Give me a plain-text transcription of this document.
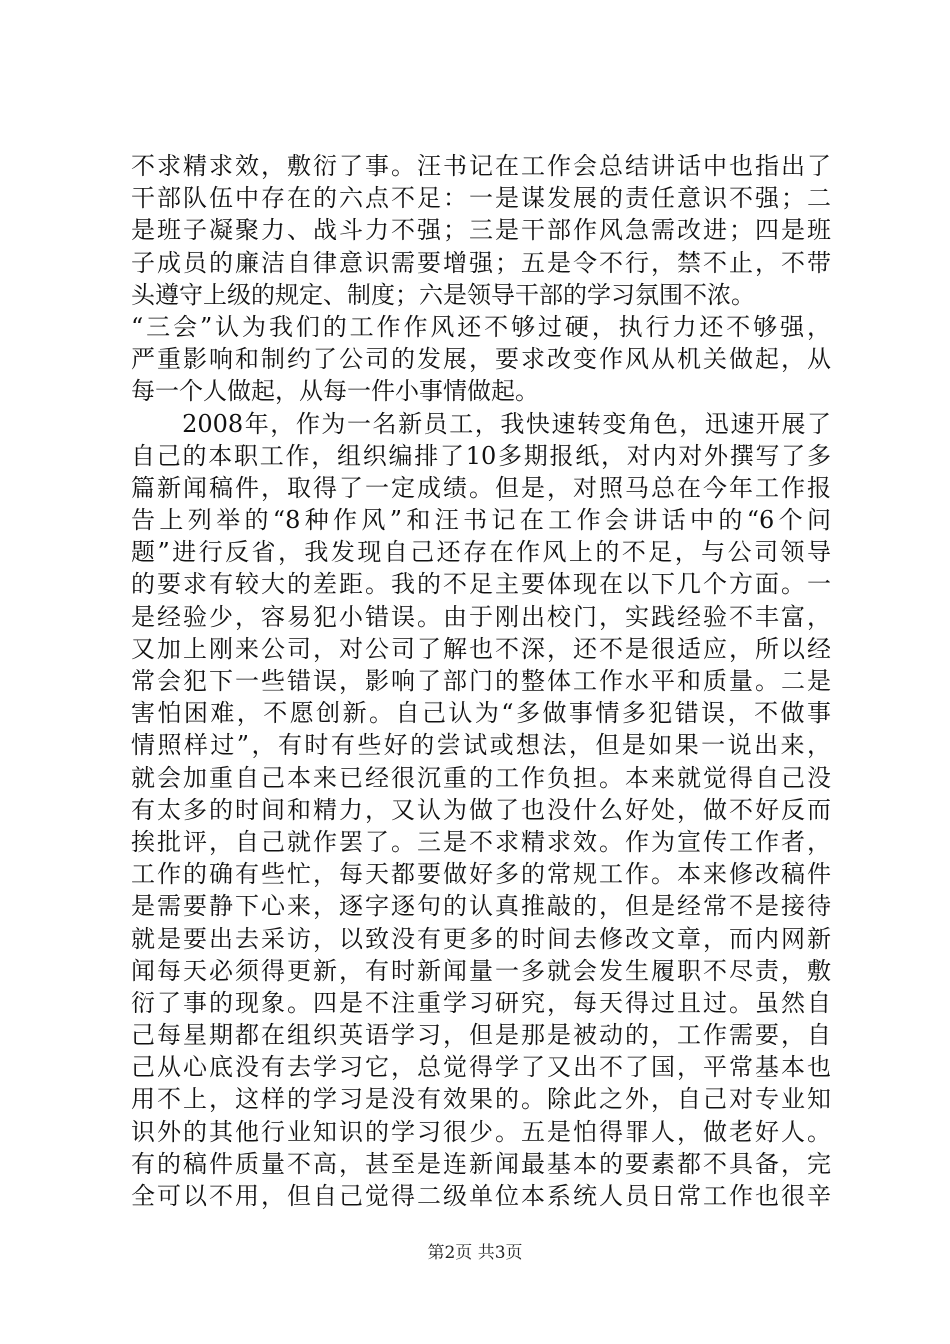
不求精求效，敷衍了事。汪书记在工作会总结讲话中也指出了
干部队伍中存在的六点不足：一是谋发展的责任意识不强；二
是班子凝聚力、战斗力不强；三是干部作风急需改进；四是班
子成员的廉洁自律意识需要增强；五是令不行，禁不止，不带
头遵守上级的规定、制度；六是领导干部的学习氛围不浓。
“三会”认为我们的工作作风还不够过硬，执行力还不够强，
严重影响和制约了公司的发展，要求改变作风从机关做起，从
每一个人做起，从每一件小事情做起。
　　2008年，作为一名新员工，我快速转变角色，迅速开展了
自己的本职工作，组织编排了10多期报纸，对内对外撰写了多
篇新闻稿件，取得了一定成绩。但是，对照马总在今年工作报
告上列举的“8种作风”和汪书记在工作会讲话中的“6个问
题”进行反省，我发现自己还存在作风上的不足，与公司领导
的要求有较大的差距。我的不足主要体现在以下几个方面。一
是经验少，容易犯小错误。由于刚出校门，实践经验不丰富，
又加上刚来公司，对公司了解也不深，还不是很适应，所以经
常会犯下一些错误，影响了部门的整体工作水平和质量。二是
害怕困难，不愿创新。自己认为“多做事情多犯错误，不做事
情照样过”，有时有些好的尝试或想法，但是如果一说出来，
就会加重自己本来已经很沉重的工作负担。本来就觉得自己没
有太多的时间和精力，又认为做了也没什么好处，做不好反而
挨批评，自己就作罢了。三是不求精求效。作为宣传工作者，
工作的确有些忙，每天都要做好多的常规工作。本来修改稿件
是需要静下心来，逐字逐句的认真推敲的，但是经常不是接待
就是要出去采访，以致没有更多的时间去修改文章，而内网新
闻每天必须得更新，有时新闻量一多就会发生履职不尽责，敷
衍了事的现象。四是不注重学习研究，每天得过且过。虽然自
己每星期都在组织英语学习，但是那是被动的，工作需要，自
己从心底没有去学习它，总觉得学了又出不了国，平常基本也
用不上，这样的学习是没有效果的。除此之外，自己对专业知
识外的其他行业知识的学习很少。五是怕得罪人，做老好人。
有的稿件质量不高，甚至是连新闻最基本的要素都不具备，完
全可以不用，但自己觉得二级单位本系统人员日常工作也很辛
第2页 共3页
